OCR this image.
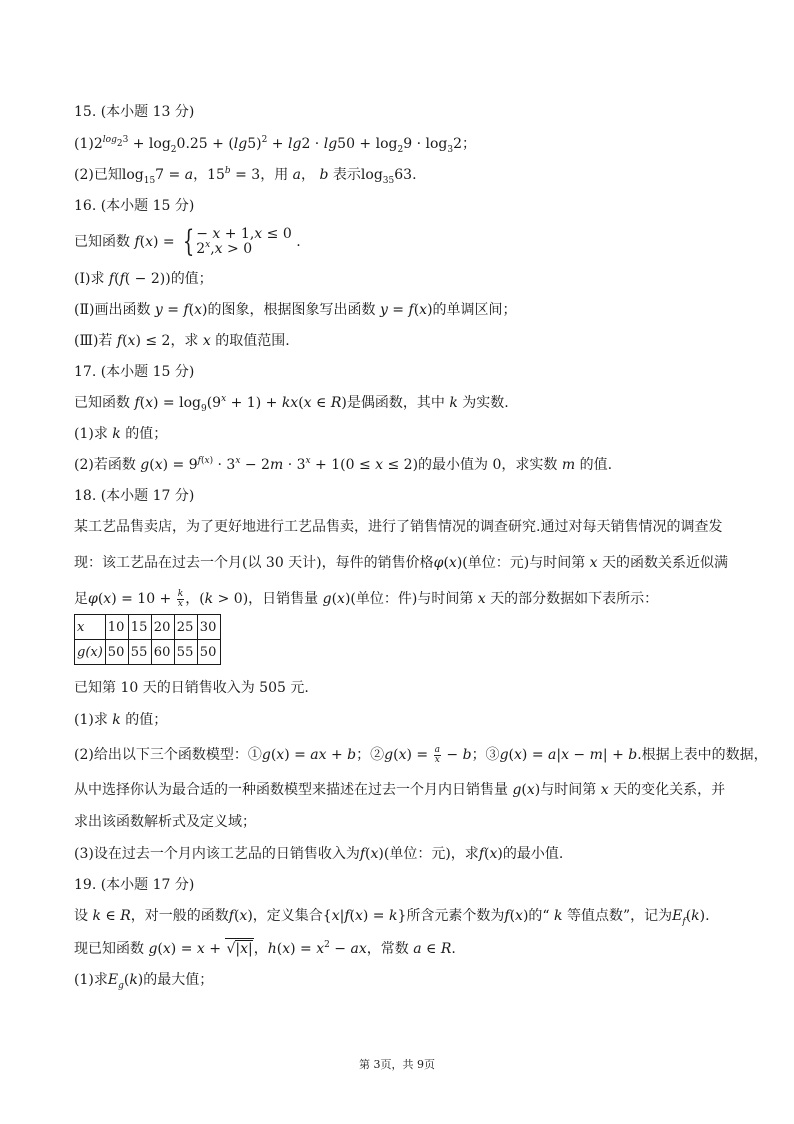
15. (本小题 13 分)
$(1)2^{log_23} + \log_20.25 + (\lg 5)^2 + \lg 2 \cdot \lg 50 + \log_29 \cdot \log_32$；
(2)已知$\log_{15}7 = a$，$15^b = 3$，用 a， b 表示$\log_{35}63$.
16. (本小题 15 分)
已知函数 f(x) = { − x + 1,x ≤ 0
$2^x,x > 0$	.
(Ⅰ)求 f(f( − 2))的值；
(Ⅱ)画出函数 y = f(x)的图象，根据图象写出函数 y = f(x)的单调区间；
(Ⅲ)若 f(x) ≤ 2，求 x 的取值范围.
17. (本小题 15 分)
已知函数 $f(x) = \log_9(9^x + 1) + kx(x$ ∈ R)是偶函数，其中 k 为实数.
(1)求 k 的值；
(2)若函数 $g(x) = 9^{f(x)} \cdot 3^x - 2m \cdot 3^x + 1(0 \le x \le 2)$的最小值为 0，求实数 m 的值.
18. (本小题 17 分)
某工艺品售卖店，为了更好地进行工艺品售卖，进行了销售情况的调查研究.通过对每天销售情况的调查发
现：该工艺品在过去一个月(以 30 天计)，每件的销售价格φ(x)(单位：元)与时间第 x 天的函数关系近似满
足$\varphi(x) = 10 + \frac{k}{x}$ ，(k > 0)，日销售量 g(x)(单位：件)与时间第 x 天的部分数据如下表所示：
x	10	15	20	25	30
g(x)	50	55	60	55	50
已知第 10 天的日销售收入为 505 元.
(1)求 k 的值；
(2)给出以下三个函数模型：①g(x) = ax + b；②g(x) = $\frac{a}{x} - b$；③g(x) = a|x − m| + b.根据上表中的数据，
从中选择你认为最合适的一种函数模型来描述在过去一个月内日销售量 g(x)与时间第 x 天的变化关系，并
求出该函数解析式及定义域；
(3)设在过去一个月内该工艺品的日销售收入为f(x)(单位：元)，求f(x)的最小值.
19. (本小题 17 分)
设 k ∈ R，对一般的函数f(x)，定义集合{x|f(x) = k}所含元素个数为f(x)的“ k 等值点数”，记为$E_f(k)$.
现已知函数 g(x) = x + √|x|，$h(x) = x^2$ − ax，常数 a ∈ R.
(1)求$E_g(k)$的最大值；
第 3页，共 9页
